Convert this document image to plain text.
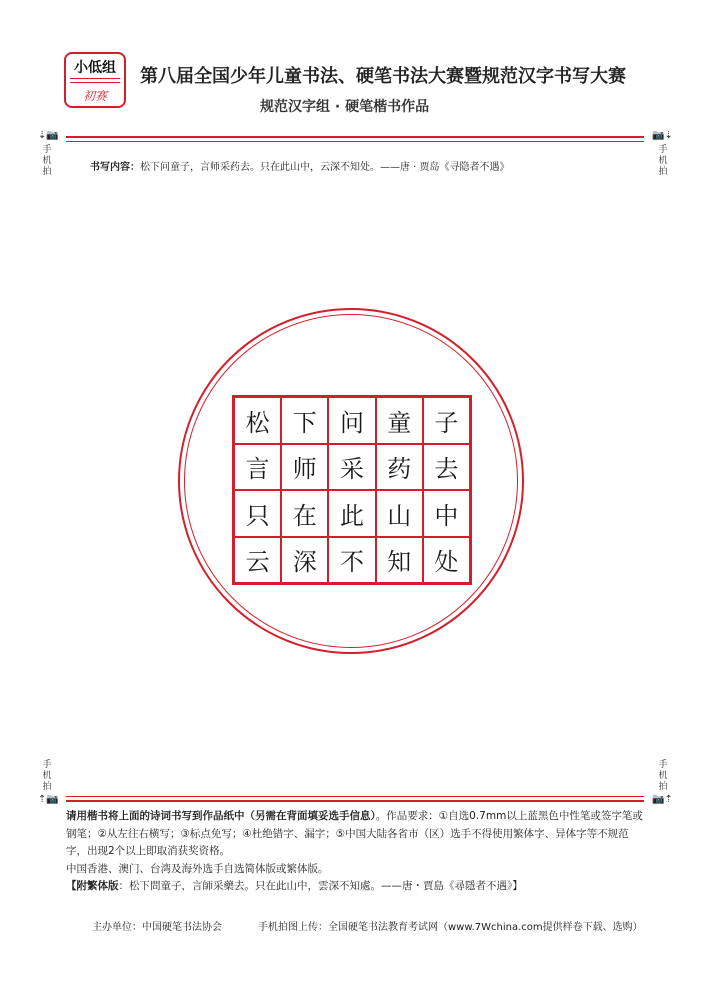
小低组
初赛
第八届全国少年儿童书法、硬笔书法大赛暨规范汉字书写大赛
规范汉字组 · 硬笔楷书作品
⇣📷
手机拍
📷⇣
手机拍
书写内容：松下问童子，言师采药去。只在此山中，云深不知处。——唐 · 贾岛《寻隐者不遇》
松 下 问 童 子
言 师 采 药 去
只 在 此 山 中
云 深 不 知 处
手机拍
⇡📷
手机拍
📷⇡
请用楷书将上面的诗词书写到作品纸中（另需在背面填妥选手信息）。作品要求：①自选0.7mm以上蓝黑色中性笔或签字笔或钢笔；②从左往右横写；③标点免写；④杜绝错字、漏字；⑤中国大陆各省市（区）选手不得使用繁体字、异体字等不规范字，出现2个以上即取消获奖资格。
中国香港、澳门、台湾及海外选手自选简体版或繁体版。
【附繁体版：松下問童子，言師采藥去。只在此山中，雲深不知處。——唐・賈島《尋隱者不遇》】
主办单位：中国硬笔书法协会	手机拍图上传：全国硬笔书法教育考试网（www.7Wchina.com提供样卷下载、选购）
